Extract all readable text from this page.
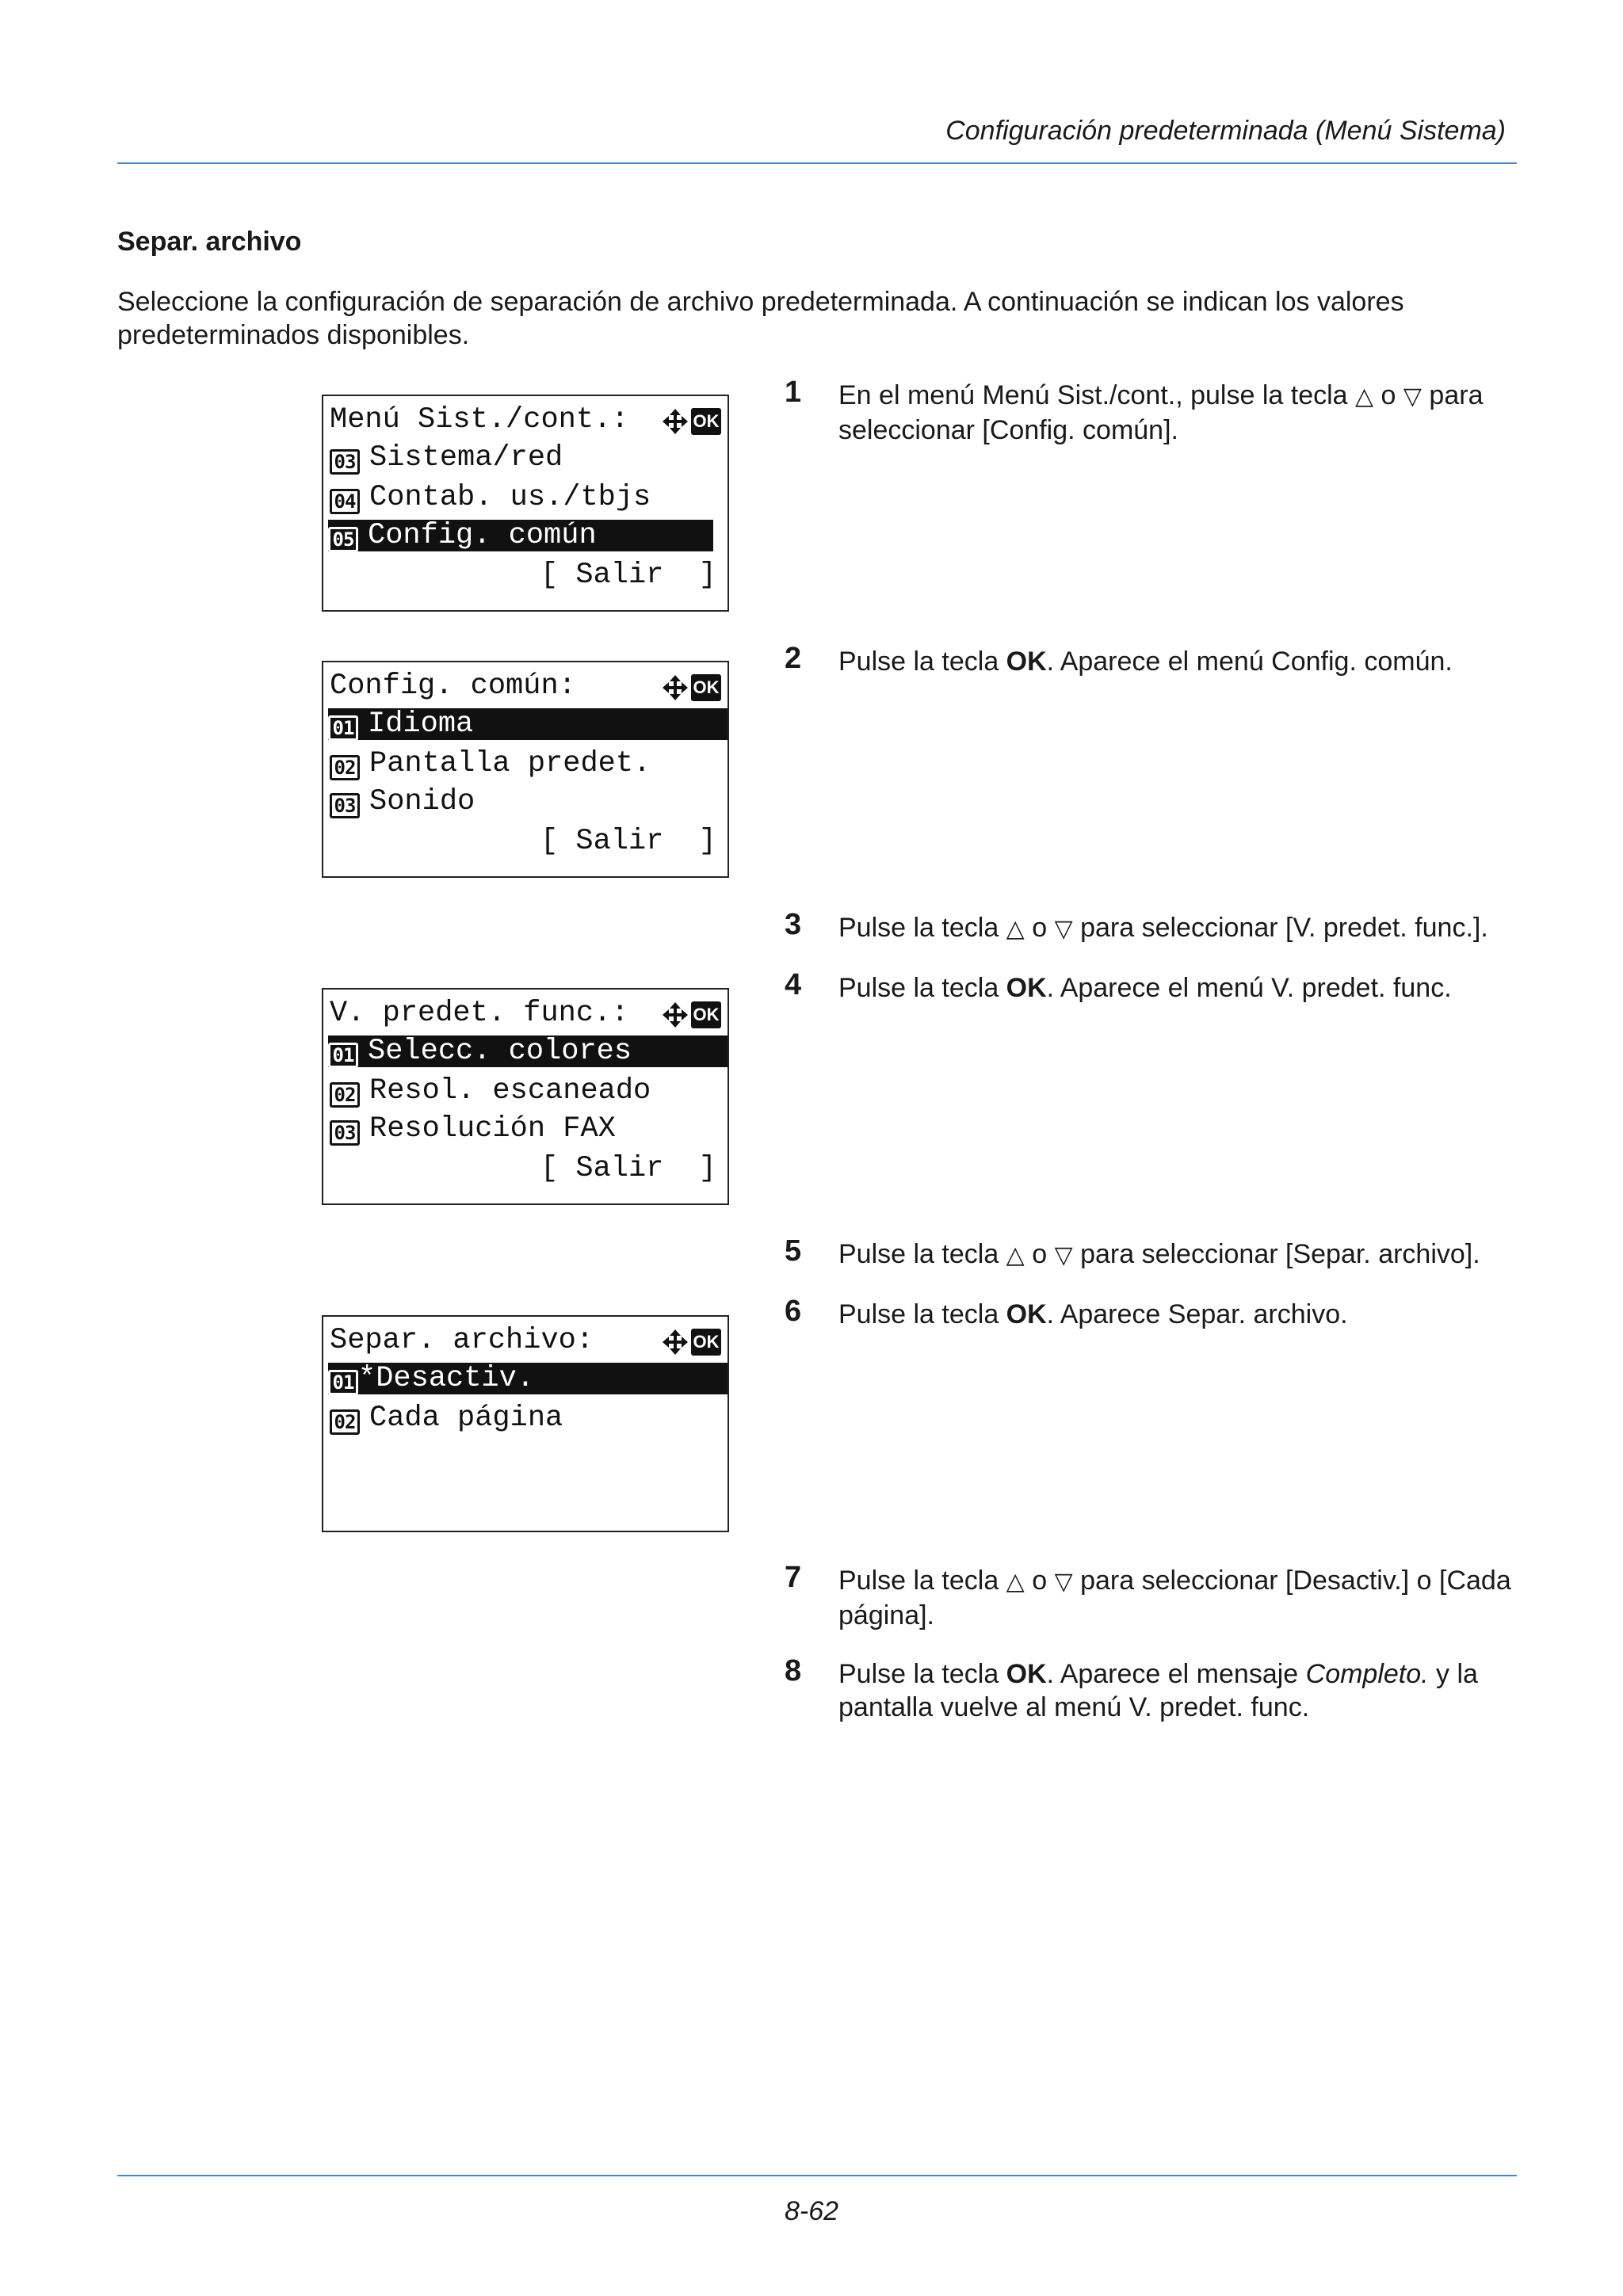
Configuración predeterminada (Menú Sistema)
Separ. archivo
Seleccione la configuración de separación de archivo predeterminada. A continuación se indican los valores predeterminados disponibles.
Menú Sist./cont.:	OK
03 Sistema/red
04 Contab. us./tbjs
05 Config. común
[ Salir  ]
Config. común:	OK
01 Idioma
02 Pantalla predet.
03 Sonido
[ Salir  ]
V. predet. func.:	OK
01 Selecc. colores
02 Resol. escaneado
03 Resolución FAX
[ Salir  ]
Separ. archivo:	OK
01 *Desactiv.
02 Cada página
1 En el menú Menú Sist./cont., pulse la tecla △ o ▽ para seleccionar [Config. común].
2 Pulse la tecla OK. Aparece el menú Config. común.
3 Pulse la tecla △ o ▽ para seleccionar [V. predet. func.].
4 Pulse la tecla OK. Aparece el menú V. predet. func.
5 Pulse la tecla △ o ▽ para seleccionar [Separ. archivo].
6 Pulse la tecla OK. Aparece Separ. archivo.
7 Pulse la tecla △ o ▽ para seleccionar [Desactiv.] o [Cada página].
8 Pulse la tecla OK. Aparece el mensaje Completo. y la pantalla vuelve al menú V. predet. func.
8-62
